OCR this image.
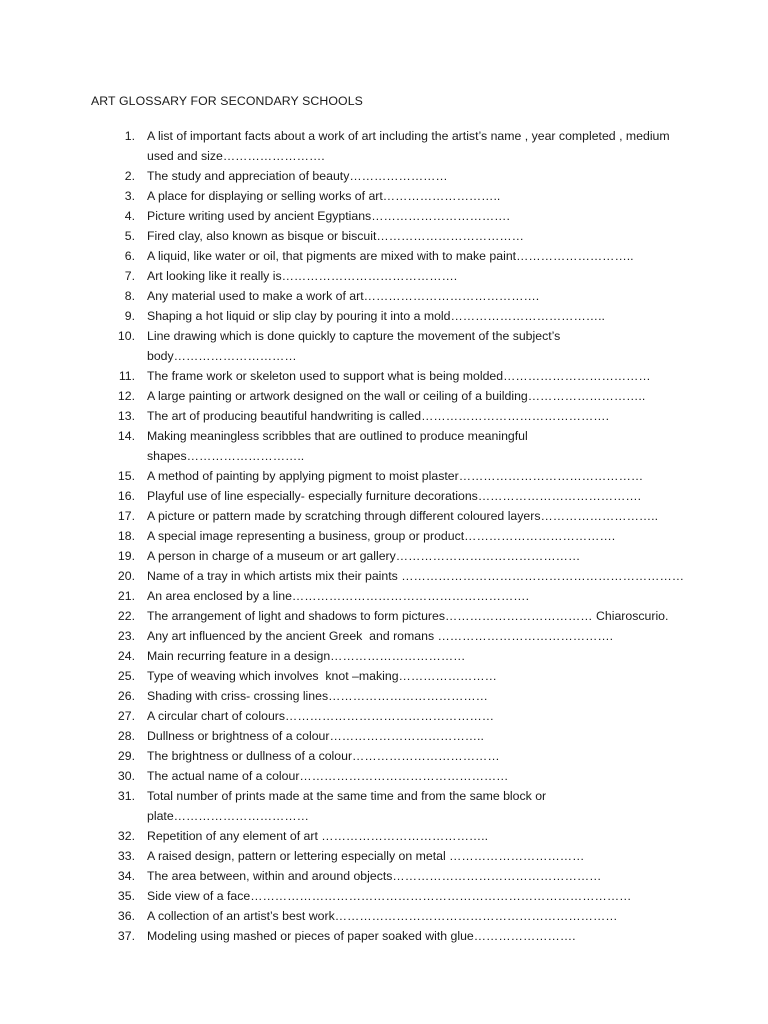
ART GLOSSARY FOR SECONDARY SCHOOLS
1. A list of important facts about a work of art including the artist’s name , year completed , medium used and size…………………….
2. The study and appreciation of beauty……………………
3. A place for displaying or selling works of art………………………..
4. Picture writing used by ancient Egyptians…………………………….
5. Fired clay, also known as bisque or biscuit………………………………
6. A liquid, like water or oil, that pigments are mixed with to make paint………………………..
7. Art looking like it really is…………………………………….
8. Any material used to make a work of art…………………………………….
9. Shaping a hot liquid or slip clay by pouring it into a mold………………………………..
10. Line drawing which is done quickly to capture the movement of the subject’s body…………………………
11. The frame work or skeleton used to support what is being molded………………………………
12. A large painting or artwork designed on the wall or ceiling of a building………………………..
13. The art of producing beautiful handwriting is called……………………………………….
14. Making meaningless scribbles that are outlined to produce meaningful shapes………………………..
15. A method of painting by applying pigment to moist plaster………………………………………
16. Playful use of line especially- especially furniture decorations………………………………….
17. A picture or pattern made by scratching through different coloured layers………………………..
18. A special image representing a business, group or product……………………………….
19. A person in charge of a museum or art gallery………………………………………
20. Name of a tray in which artists mix their paints ……………………………………………………………
21. An area enclosed by a line………………………………………………….
22. The arrangement of light and shadows to form pictures……………………………… Chiaroscurio.
23. Any art influenced by the ancient Greek  and romans …………………………………….
24. Main recurring feature in a design……………………………
25. Type of weaving which involves  knot –making……………………
26. Shading with criss- crossing lines…………………………………
27. A circular chart of colours……………………………………………
28. Dullness or brightness of a colour………………………………..
29. The brightness or dullness of a colour………………………………
30. The actual name of a colour……………………………………………
31. Total number of prints made at the same time and from the same block or plate……………………………
32. Repetition of any element of art …………………………………..
33. A raised design, pattern or lettering especially on metal ……………………………
34. The area between, within and around objects……………………………………………
35. Side view of a face…………………………………………………………………………………
36. A collection of an artist’s best work……………………………………………………………
37. Modeling using mashed or pieces of paper soaked with glue…………………….
